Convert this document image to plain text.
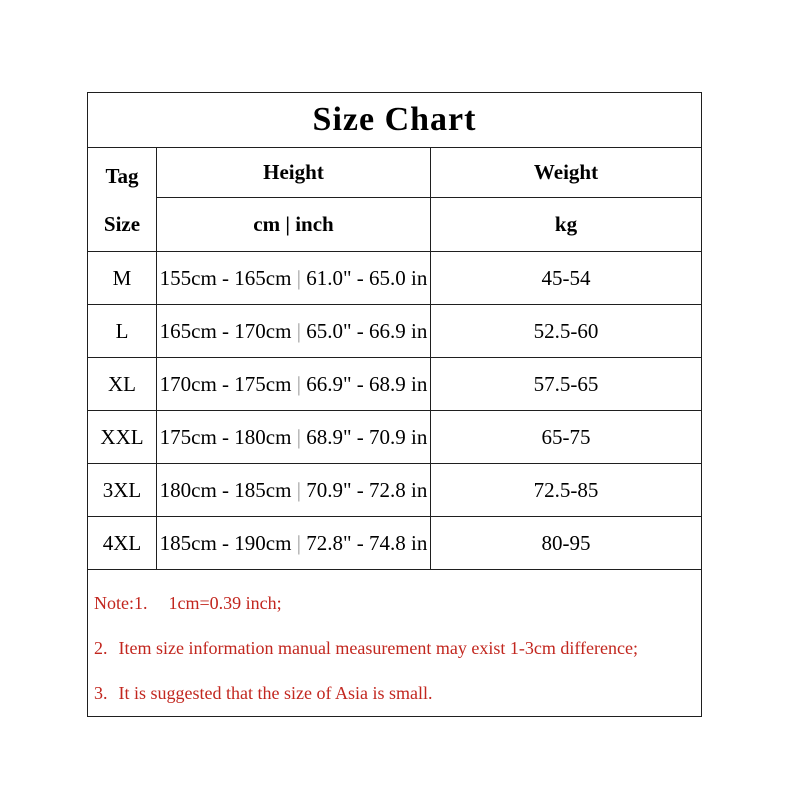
Size Chart		

Tag
Size	Height	Weight
	cm | inch	kg
M	155cm - 165cm | 61.0" - 65.0 in	45-54
L	165cm - 170cm | 65.0" - 66.9 in	52.5-60
XL	170cm - 175cm | 66.9" - 68.9 in	57.5-65
XXL	175cm - 180cm | 68.9" - 70.9 in	65-75
3XL	180cm - 185cm | 70.9" - 72.8 in	72.5-85
4XL	185cm - 190cm | 72.8" - 74.8 in	80-95

Note:1. 1cm=0.39 inch;
2. Item size information manual measurement may exist 1-3cm difference;
3. It is suggested that the size of Asia is small.
